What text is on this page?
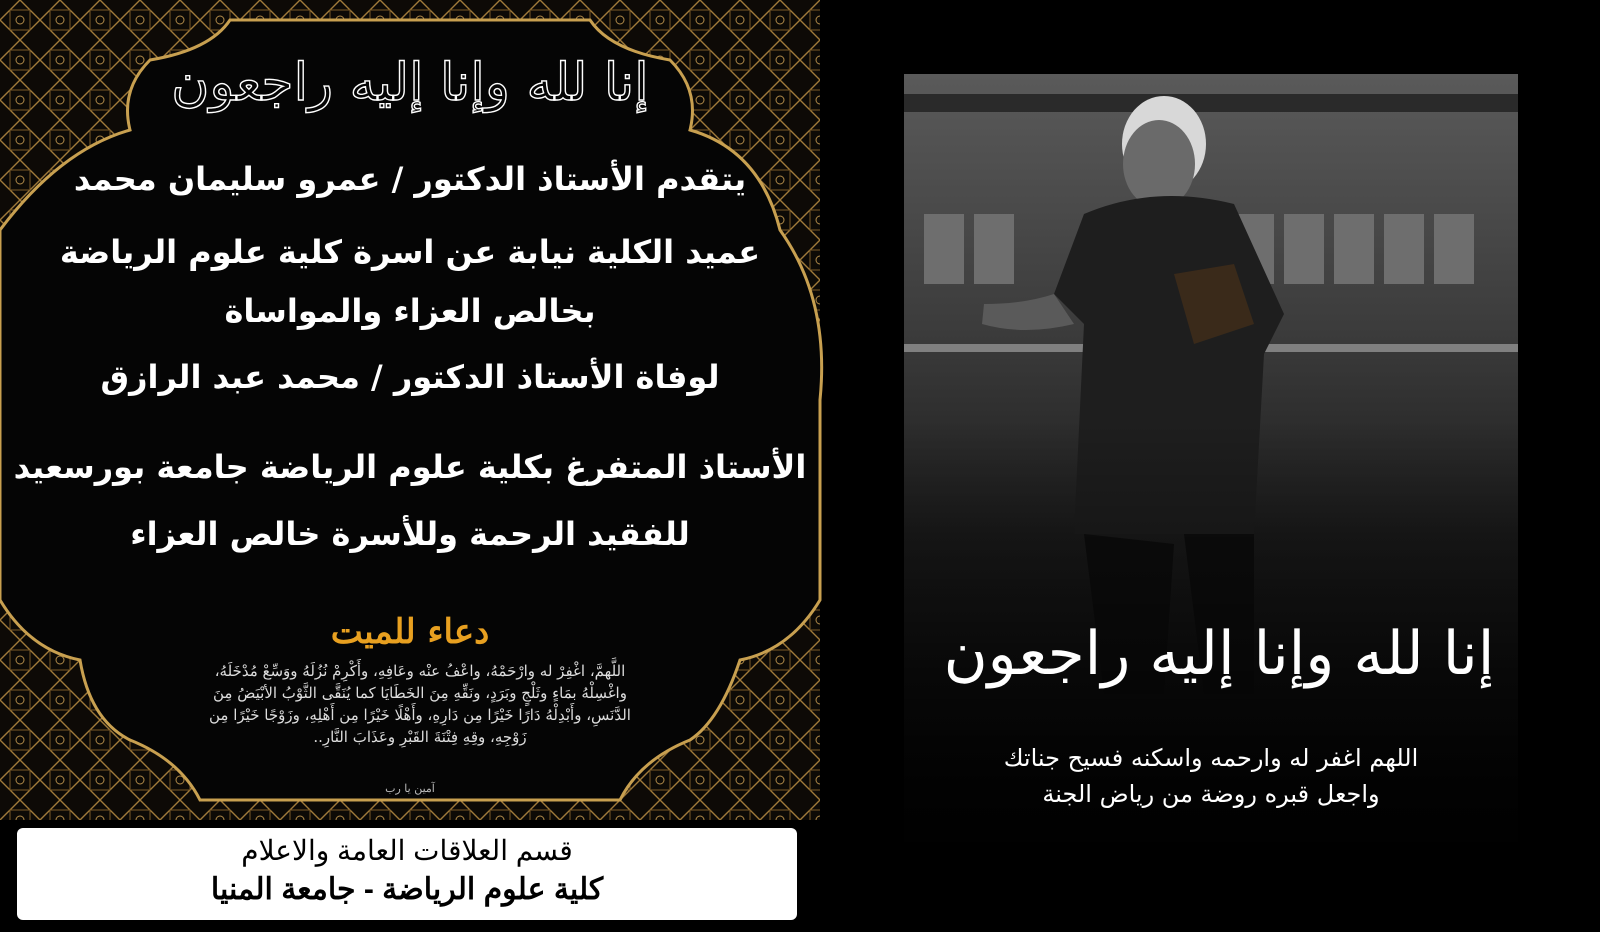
إنا لله وإنا إليه راجعون
يتقدم الأستاذ الدكتور / عمرو سليمان محمد
عميد الكلية نيابة عن اسرة كلية علوم الرياضة
بخالص العزاء والمواساة
لوفاة الأستاذ الدكتور / محمد عبد الرازق
الأستاذ المتفرغ بكلية علوم الرياضة جامعة بورسعيد
للفقيد الرحمة وللأسرة خالص العزاء
دعاء للميت
اللَّهمَّ، اغْفِرْ له وارْحَمْهُ، واعْفُ عنْه وعَافِهِ، وأَكْرِمْ نُزُلَهُ ووَسِّعْ مُدْخَلَهُ، واغْسِلْهُ بمَاءٍ وثَلْجٍ وبَرَدٍ، ونَقِّهِ مِنَ الخَطَايَا كما يُنَقَّى الثَّوْبُ الأبْيَضُ مِنَ الدَّنَسِ، وأَبْدِلْهُ دَارًا خَيْرًا مِن دَارِهِ، وأَهْلًا خَيْرًا مِن أَهْلِهِ، وزَوْجًا خَيْرًا مِن زَوْجِهِ، وقِهِ فِتْنَةَ القَبْرِ وعَذَابَ النَّارِ..
آمين يا رب
قسم العلاقات العامة والاعلام
كلية علوم الرياضة - جامعة المنيا
إنا لله وإنا إليه راجعون
اللهم اغفر له وارحمه واسكنه فسيح جناتك
واجعل قبره روضة من رياض الجنة
